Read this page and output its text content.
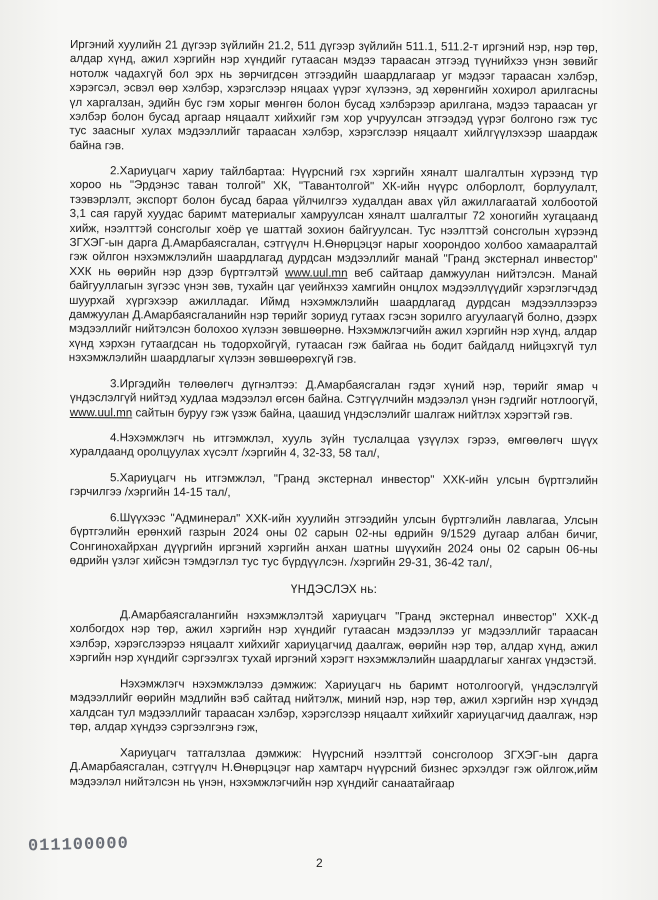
Иргэний хуулийн 21 дүгээр зүйлийн 21.2, 511 дүгээр зүйлийн 511.1, 511.2-т иргэний нэр, нэр төр, алдар хүнд, ажил хэргийн нэр хүндийг гутаасан мэдээ тараасан этгээд түүнийхээ үнэн зөвийг нотолж чадахгүй бол эрх нь зөрчигдсөн этгээдийн шаардлагаар уг мэдээг тараасан хэлбэр, хэрэгсэл, эсвэл өөр хэлбэр, хэрэгслээр няцаах үүрэг хүлээнэ, эд хөрөнгийн хохирол арилгасны үл харгалзан, эдийн бус гэм хорыг мөнгөн болон бусад хэлбэрээр арилгана, мэдээ тараасан уг хэлбэр болон бусад аргаар няцаалт хийхийг гэм хор учруулсан этгээдэд үүрэг болгоно гэж тус тус заасныг хулах мэдээллийг тараасан хэлбэр, хэрэгслээр няцаалт хийлгүүлэхээр шаардаж байна гэв.

2.Хариуцагч хариу тайлбартаа: Нүүрсний гэх хэргийн хяналт шалгалтын хүрээнд түр хороо нь "Эрдэнэс таван толгой" ХК, "Тавантолгой" ХК-ийн нүүрс олборлолт, борлуулалт, тээвэрлэлт, экспорт болон бусад бараа үйлчилгээ худалдан авах үйл ажиллагаатай холбоотой 3,1 сая гаруй хуудас баримт материалыг хамруулсан хяналт шалгалтыг 72 хоногийн хугацаанд хийж, нээлттэй сонсголыг хоёр үе шаттай зохион байгуулсан. Тус нээлттэй сонсголын хүрээнд ЗГХЭГ-ын дарга Д.Амарбаясгалан, сэтгүүлч Н.Өнөрцэцэг нарыг хоорондоо холбоо хамааралтай гэж ойлгон нэхэмжлэлийн шаардлагад дурдсан мэдээллийг манай "Гранд экстернал инвестор" ХХК нь өөрийн нэр дээр бүртгэлтэй www.uul.mn веб сайтаар дамжуулан нийтэлсэн. Манай байгууллагын зүгээс үнэн зөв, тухайн цаг үеийнхээ хамгийн онцлох мэдээллүүдийг хэрэглэгчдэд шуурхай хүргэхээр ажилладаг. Иймд нэхэмжлэлийн шаардлагад дурдсан мэдээллээрээ дамжуулан Д.Амарбаясгаланийн нэр төрийг зориуд гутаах гэсэн зорилго агуулаагүй болно, дээрх мэдээллийг нийтэлсэн болохоо хүлээн зөвшөөрнө. Нэхэмжлэгчийн ажил хэргийн нэр хүнд, алдар хүнд хэрхэн гутаагдсан нь тодорхойгүй, гутаасан гэж байгаа нь бодит байдалд нийцэхгүй тул нэхэмжлэлийн шаардлагыг хүлээн зөвшөөрөхгүй гэв.

3.Иргэдийн төлөөлөгч дүгнэлтээ: Д.Амарбаясгалан гэдэг хүний нэр, төрийг ямар ч үндэслэлгүй нийтэд худлаа мэдээлэл өгсөн байна. Сэтгүүлчийн мэдээлэл үнэн гэдгийг нотлоогүй, www.uul.mn сайтын буруу гэж үзэж байна, цаашид үндэслэлийг шалгаж нийтлэх хэрэгтэй гэв.

4.Нэхэмжлэгч нь итгэмжлэл, хууль зүйн туслалцаа үзүүлэх гэрээ, өмгөөлөгч шүүх хуралдаанд оролцуулах хүсэлт /хэргийн 4, 32-33, 58 тал/,

5.Хариуцагч нь итгэмжлэл, "Гранд экстернал инвестор" ХХК-ийн улсын бүртгэлийн гэрчилгээ /хэргийн 14-15 тал/,

6.Шүүхээс "Админерал" ХХК-ийн хуулийн этгээдийн улсын бүртгэлийн лавлагаа, Улсын бүртгэлийн ерөнхий газрын 2024 оны 02 сарын 02-ны өдрийн 9/1529 дугаар албан бичиг, Сонгинохайрхан дүүргийн иргэний хэргийн анхан шатны шүүхийн 2024 оны 02 сарын 06-ны өдрийн үзлэг хийсэн тэмдэглэл тус тус бүрдүүлсэн. /хэргийн 29-31, 36-42 тал/,

ҮНДЭСЛЭХ нь:

Д.Амарбаясгалангийн нэхэмжлэлтэй хариуцагч "Гранд экстернал инвестор" ХХК-д холбогдох нэр төр, ажил хэргийн нэр хүндийг гутаасан мэдээллээ уг мэдээллийг тараасан хэлбэр, хэрэгслээрээ няцаалт хийхийг хариуцагчид даалгаж, өөрийн нэр төр, алдар хүнд, ажил хэргийн нэр хүндийг сэргээлгэх тухай иргэний хэрэгт нэхэмжлэлийн шаардлагыг хангах үндэстэй.

Нэхэмжлэгч нэхэмжлэлээ дэмжиж: Хариуцагч нь баримт нотолгоогүй, үндэслэлгүй мэдээллийг өөрийн мэдлийн вэб сайтад нийтэлж, миний нэр, нэр төр, ажил хэргийн нэр хүндэд халдсан тул мэдээллийг тараасан хэлбэр, хэрэгслээр няцаалт хийхийг хариуцагчид даалгаж, нэр төр, алдар хүндээ сэргээлгэнэ гэж,

Хариуцагч татгалзлаа дэмжиж: Нүүрсний нээлттэй сонсголоор ЗГХЭГ-ын дарга Д.Амарбаясгалан, сэтгүүлч Н.Өнөрцэцэг нар хамтарч нүүрсний бизнес эрхэлдэг гэж ойлгож,ийм мэдээлэл нийтэлсэн нь үнэн, нэхэмжлэгчийн нэр хүндийг санаатайгаар

011100000
2
